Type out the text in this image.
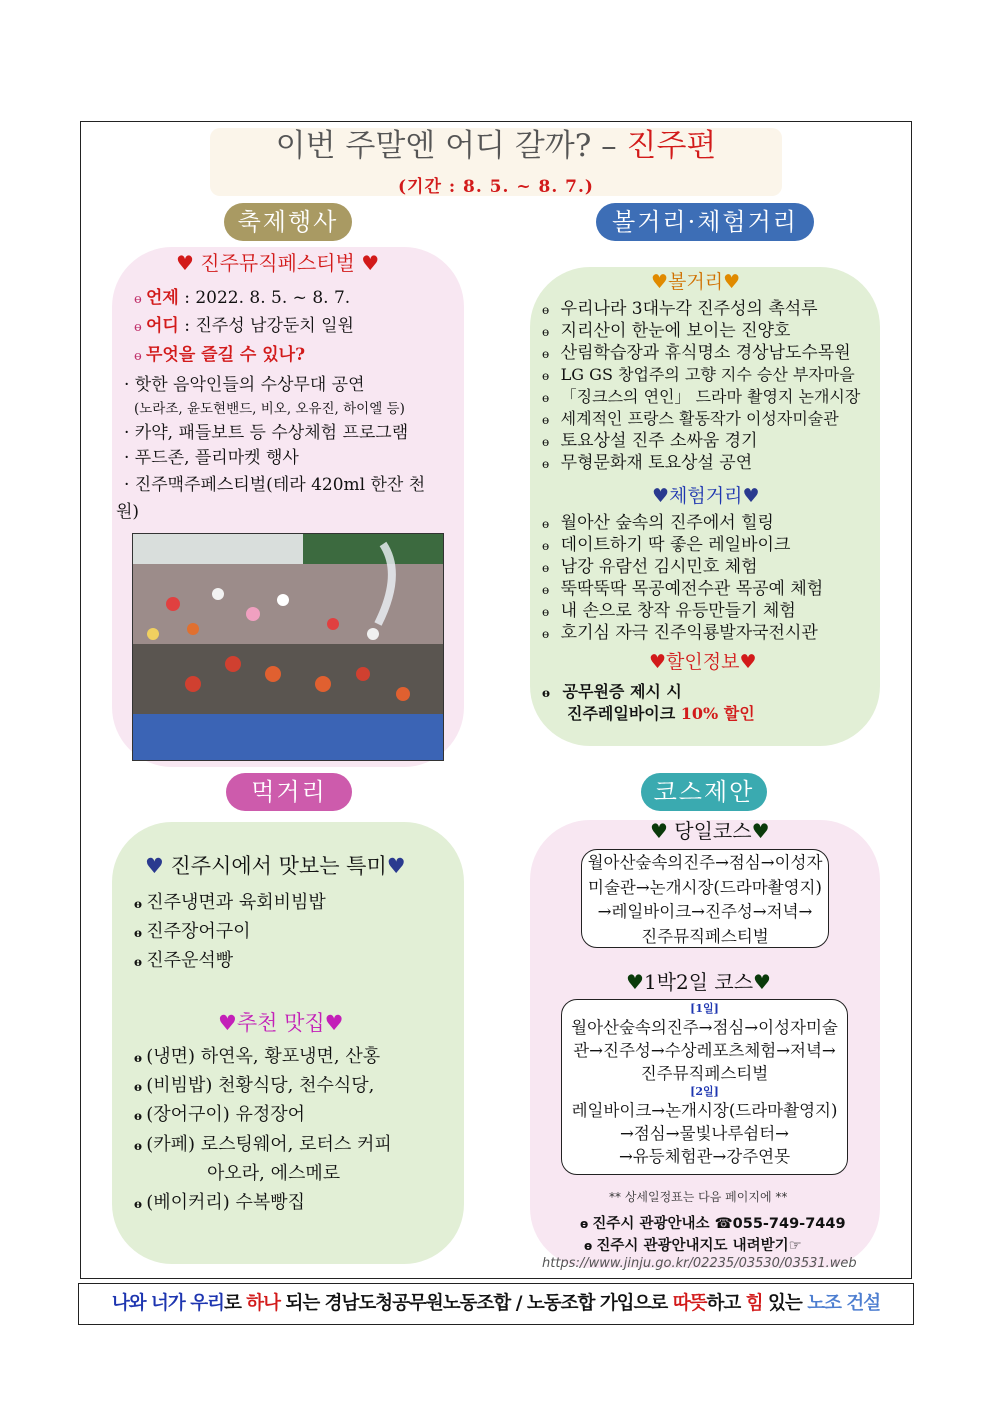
이번 주말엔 어디 갈까? – 진주편
(기간 : 8. 5. ~ 8. 7.)
축제행사	볼거리·체험거리
먹거리	코스제안
♥ 진주뮤직페스티벌 ♥
ɵ 언제 : 2022. 8. 5. ~ 8. 7.
ɵ 어디 : 진주성 남강둔치 일원
ɵ 무엇을 즐길 수 있나?
· 핫한 음악인들의 수상무대 공연
(노라조, 윤도현밴드, 비오, 오유진, 하이엘 등)
· 카약, 패들보트 등 수상체험 프로그램
· 푸드존, 플리마켓 행사
· 진주맥주페스티벌(테라 420ml 한잔 천
원)
♥볼거리♥
ɵ   우리나라 3대누각 진주성의 촉석루
ɵ   지리산이 한눈에 보이는 진양호
ɵ   산림학습장과 휴식명소 경상남도수목원
ɵ   LG GS 창업주의 고향 지수 승산 부자마을
ɵ   「징크스의 연인」 드라마 촬영지 논개시장
ɵ   세계적인 프랑스 활동작가 이성자미술관
ɵ   토요상설 진주 소싸움 경기
ɵ   무형문화재 토요상설 공연
♥체험거리♥
ɵ   월아산 숲속의 진주에서 힐링
ɵ   데이트하기 딱 좋은 레일바이크
ɵ   남강 유람선 김시민호 체험
ɵ   뚝딱뚝딱 목공예전수관 목공예 체험
ɵ   내 손으로 창작 유등만들기 체험
ɵ   호기심 자극 진주익룡발자국전시관
♥할인정보♥
ɵ   공무원증 제시 시
진주레일바이크 10% 할인
♥ 진주시에서 맛보는 특미♥
ɵ 진주냉면과 육회비빔밥
ɵ 진주장어구이
ɵ 진주운석빵
♥추천 맛집♥
ɵ (냉면) 하연옥, 황포냉면, 산홍
ɵ (비빔밥) 천황식당, 천수식당,
ɵ (장어구이) 유정장어
ɵ (카페) 로스팅웨어, 로터스 커피
아오라, 에스메로
ɵ (베이커리) 수복빵집
♥ 당일코스♥
월아산숲속의진주→점심→이성자
미술관→논개시장(드라마촬영지)
→레일바이크→진주성→저녁→
진주뮤직페스티벌
♥1박2일 코스♥
[1일]
월아산숲속의진주→점심→이성자미술
관→진주성→수상레포츠체험→저녁→
진주뮤직페스티벌
[2일]
레일바이크→논개시장(드라마촬영지)
→점심→물빛나루쉼터→
→유등체험관→강주연못
** 상세일정표는 다음 페이지에 **
ɵ 진주시 관광안내소 ☎055-749-7449
ɵ 진주시 관광안내지도 내려받기☞
https://www.jinju.go.kr/02235/03530/03531.web
나와 너가 우리로 하나 되는 경남도청공무원노동조합 / 노동조합 가입으로 따뜻하고 힘 있는 노조 건설
